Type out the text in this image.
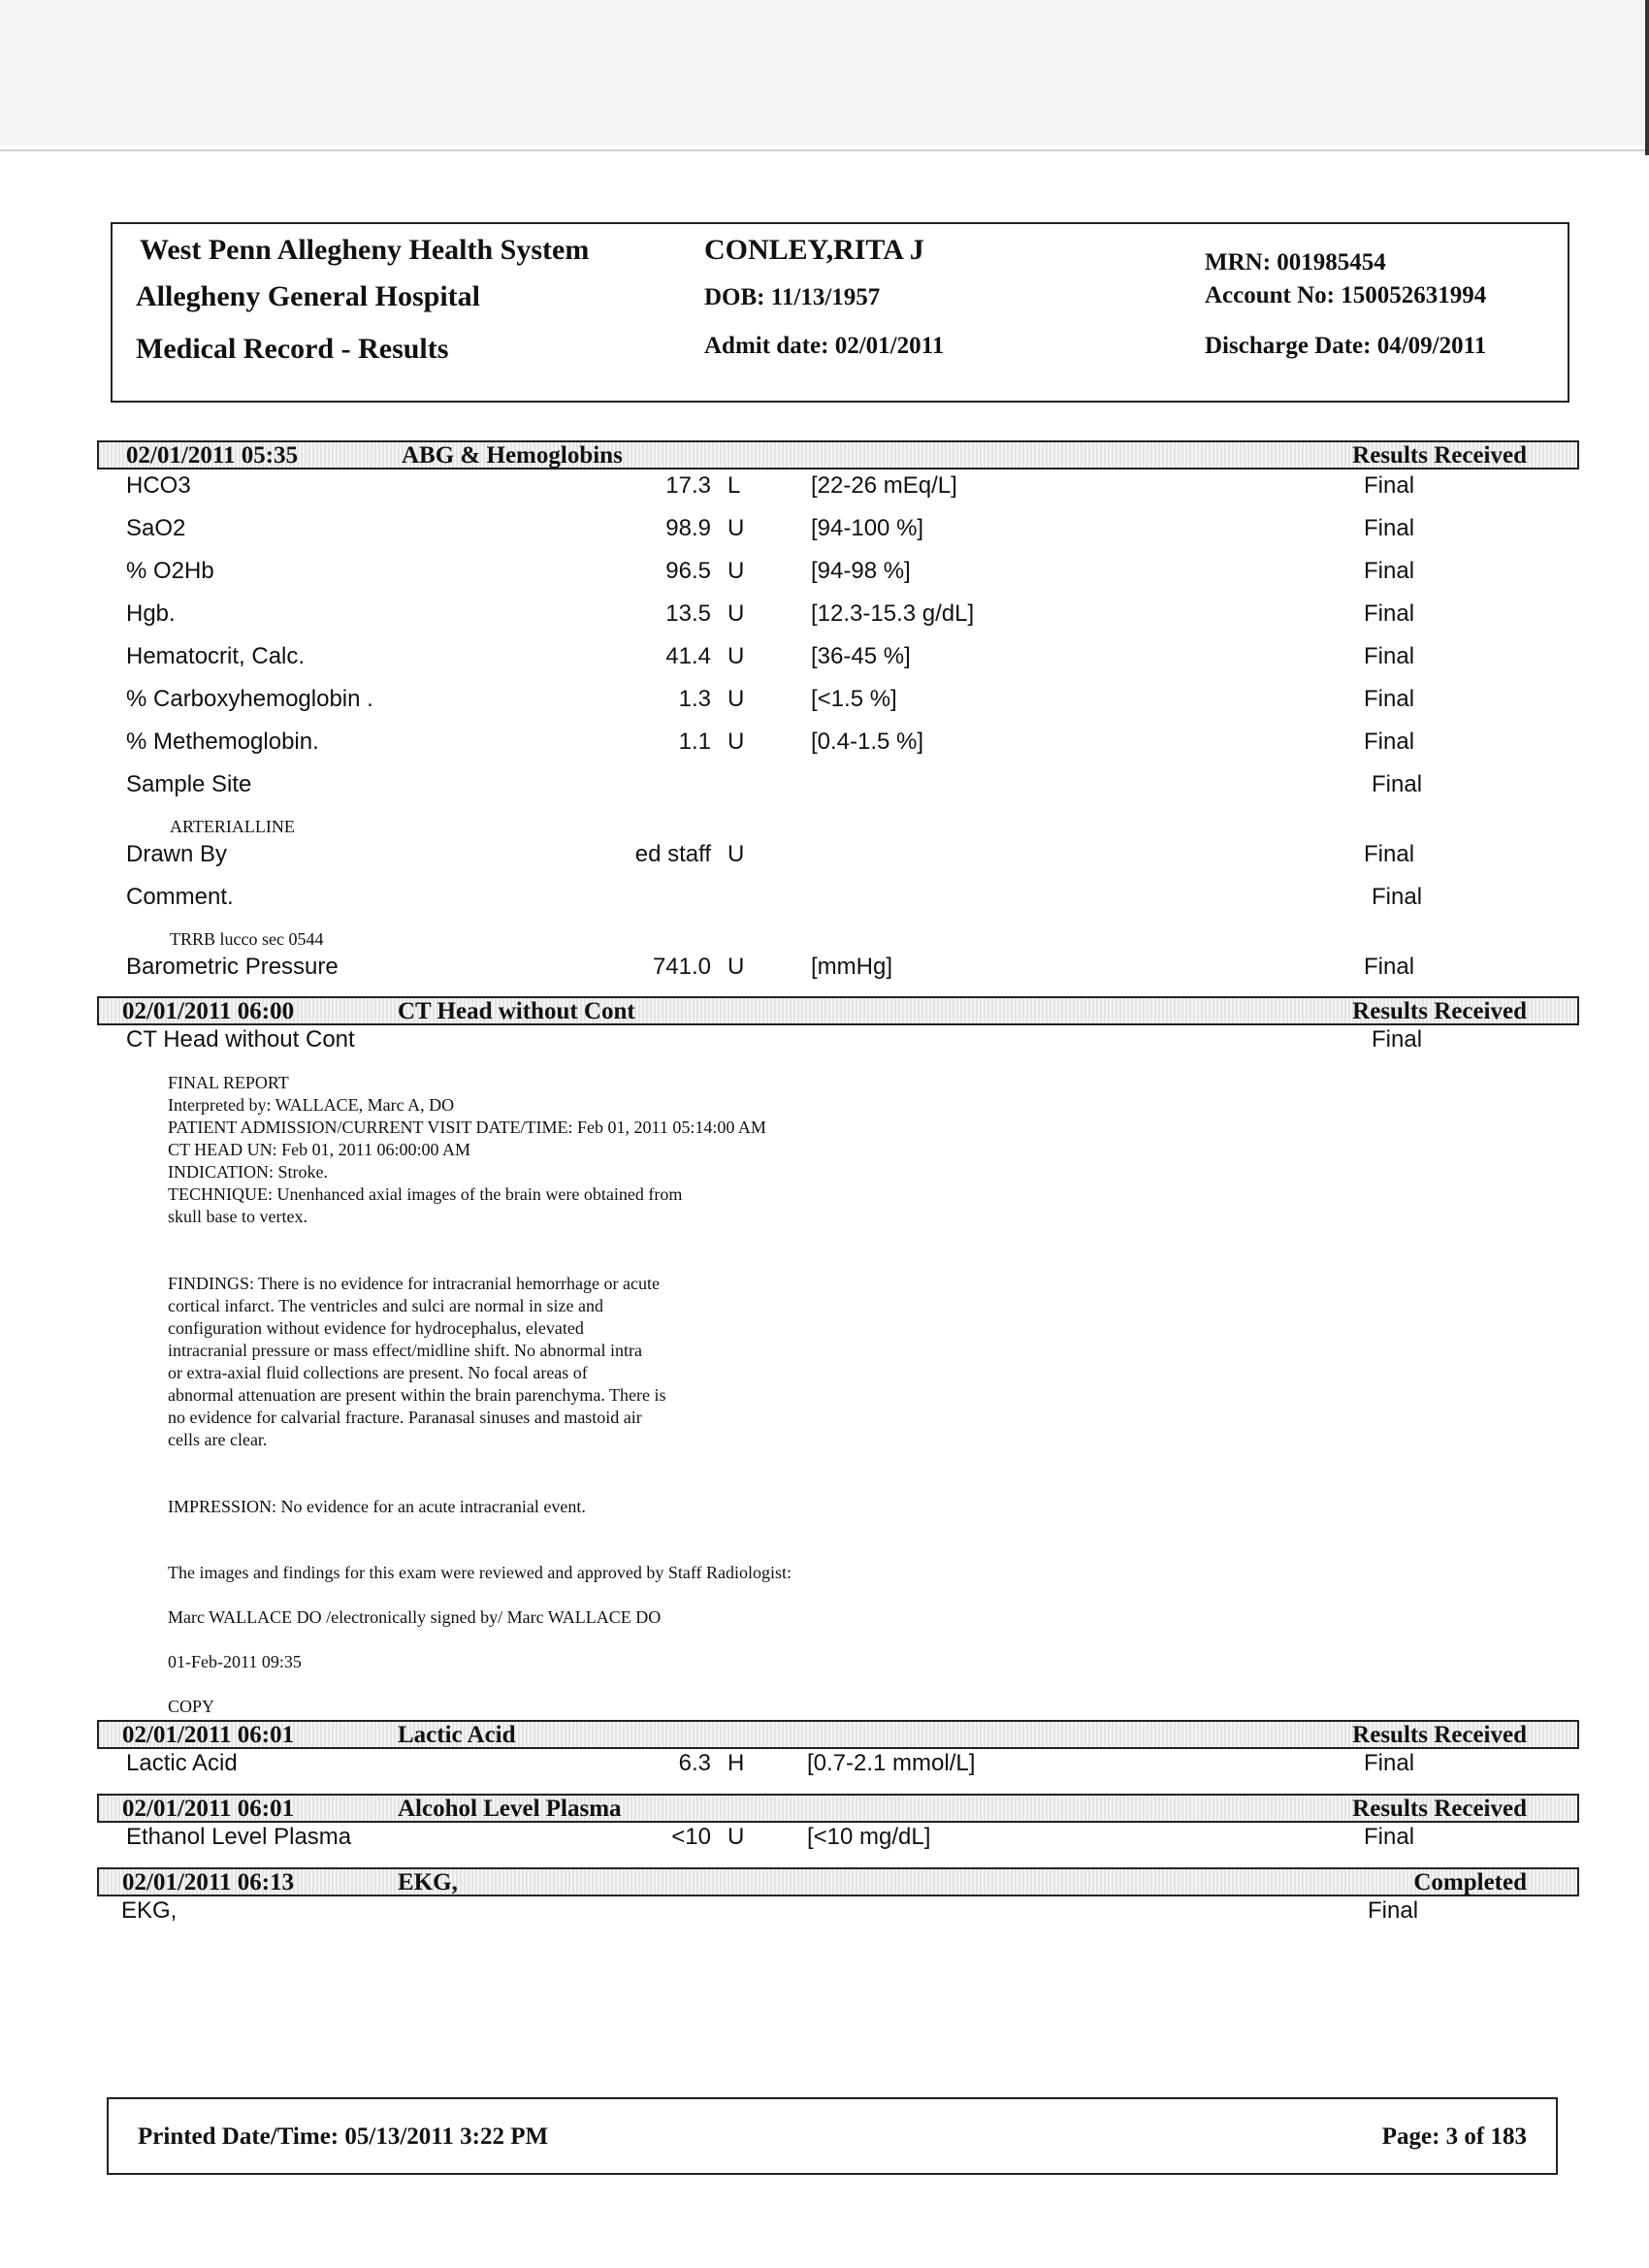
West Penn Allegheny Health System
Allegheny General Hospital
Medical Record - Results
CONLEY,RITA J
DOB: 11/13/1957
Admit date: 02/01/2011
MRN: 001985454
Account No: 150052631994
Discharge Date: 04/09/2011
02/01/2011 05:35	ABG & Hemoglobins	Results Received
HCO3	17.3 L	[22-26 mEq/L]	Final
SaO2	98.9 U	[94-100 %]	Final
% O2Hb	96.5 U	[94-98 %]	Final
Hgb.	13.5 U	[12.3-15.3 g/dL]	Final
Hematocrit, Calc.	41.4 U	[36-45 %]	Final
% Carboxyhemoglobin .	1.3 U	[<1.5 %]	Final
% Methemoglobin.	1.1 U	[0.4-1.5 %]	Final
Sample Site	Final
ARTERIALLINE
Drawn By	ed staff U	Final
Comment.	Final
TRRB lucco sec 0544
Barometric Pressure	741.0 U	[mmHg]	Final
02/01/2011 06:00	CT Head without Cont	Results Received
CT Head without Cont	Final
FINAL REPORT
Interpreted by: WALLACE, Marc A, DO
PATIENT ADMISSION/CURRENT VISIT DATE/TIME: Feb 01, 2011 05:14:00 AM
CT HEAD UN: Feb 01, 2011 06:00:00 AM
INDICATION: Stroke.
TECHNIQUE: Unenhanced axial images of the brain were obtained from
skull base to vertex.
FINDINGS: There is no evidence for intracranial hemorrhage or acute
cortical infarct. The ventricles and sulci are normal in size and
configuration without evidence for hydrocephalus, elevated
intracranial pressure or mass effect/midline shift. No abnormal intra
or extra-axial fluid collections are present. No focal areas of
abnormal attenuation are present within the brain parenchyma. There is
no evidence for calvarial fracture. Paranasal sinuses and mastoid air
cells are clear.
IMPRESSION: No evidence for an acute intracranial event.
The images and findings for this exam were reviewed and approved by Staff Radiologist:
Marc WALLACE DO /electronically signed by/ Marc WALLACE DO
01-Feb-2011 09:35
COPY
02/01/2011 06:01	Lactic Acid	Results Received
Lactic Acid	6.3 H	[0.7-2.1 mmol/L]	Final
02/01/2011 06:01	Alcohol Level Plasma	Results Received
Ethanol Level Plasma	<10 U	[<10 mg/dL]	Final
02/01/2011 06:13	EKG,	Completed
EKG,	Final
Printed Date/Time: 05/13/2011 3:22 PM	Page: 3 of 183
